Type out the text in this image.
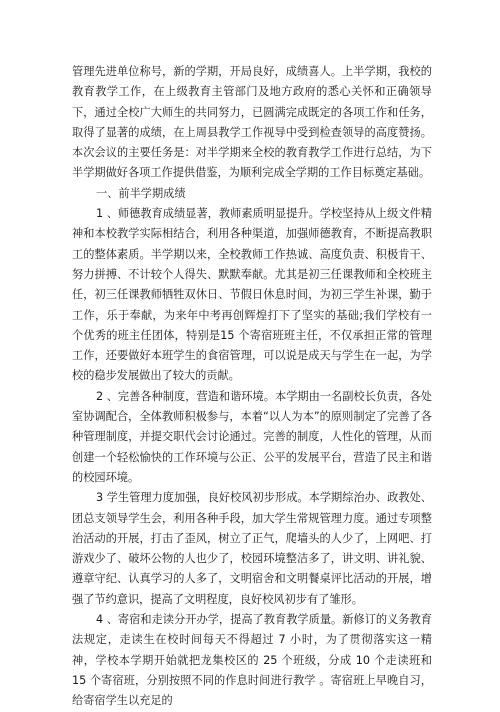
管理先进单位称号，新的学期，开局良好，成绩喜人。上半学期，我校的教育教学工作，在上级教育主管部门及地方政府的悉心关怀和正确领导下，通过全校广大师生的共同努力，已圆满完成既定的各项工作和任务，取得了显著的成绩，在上周县教学工作视导中受到检查领导的高度赞扬。本次会议的主要任务是：对半学期来全校的教育教学工作进行总结，为下半学期做好各项工作提供借鉴，为顺利完成全学期的工作目标奠定基础。

一、前半学期成绩

1 、师德教育成绩显著，教师素质明显提升。学校坚持从上级文件精神和本校教学实际相结合，利用各种渠道，加强师德教育，不断提高教职工的整体素质。半学期以来，全校教师工作热诚、高度负责、积极肯干、努力拼搏、不计较个人得失、默默奉献。尤其是初三任课教师和全校班主任，初三任课教师牺牲双休日、节假日休息时间，为初三学生补课，勤于工作，乐于奉献，为来年中考再创辉煌打下了坚实的基础;我们学校有一个优秀的班主任团体，特别是15 个寄宿班班主任，不仅承担正常的管理工作，还要做好本班学生的食宿管理，可以说是成天与学生在一起，为学校的稳步发展做出了较大的贡献。

2 、完善各种制度，营造和谐环境。本学期由一名副校长负责，各处室协调配合，全体教师积极参与，本着“以人为本”的原则制定了完善了各种管理制度，并提交职代会讨论通过。完善的制度，人性化的管理，从而创建一个轻松愉快的工作环境与公正、公平的发展平台，营造了民主和谐的校园环境。

3 学生管理力度加强，良好校风初步形成。本学期综治办、政教处、团总支领导学生会，利用各种手段，加大学生常规管理力度。通过专项整治活动的开展，打击了歪风，树立了正气，爬墙头的人少了，上网吧、打游戏少了、破坏公物的人也少了，校园环境整洁多了，讲文明、讲礼貌、遵章守纪、认真学习的人多了，文明宿舍和文明餐桌评比活动的开展，增强了节约意识，提高了文明程度，良好校风初步有了雏形。

4 、寄宿和走读分开办学，提高了教育教学质量。新修订的义务教育法规定，走读生在校时间每天不得超过 7 小时，为了贯彻落实这一精神，学校本学期开始就把龙集校区的 25 个班级，分成 10 个走读班和 15 个寄宿班，分别按照不同的作息时间进行教学 。寄宿班上早晚自习，给寄宿学生以充足的
